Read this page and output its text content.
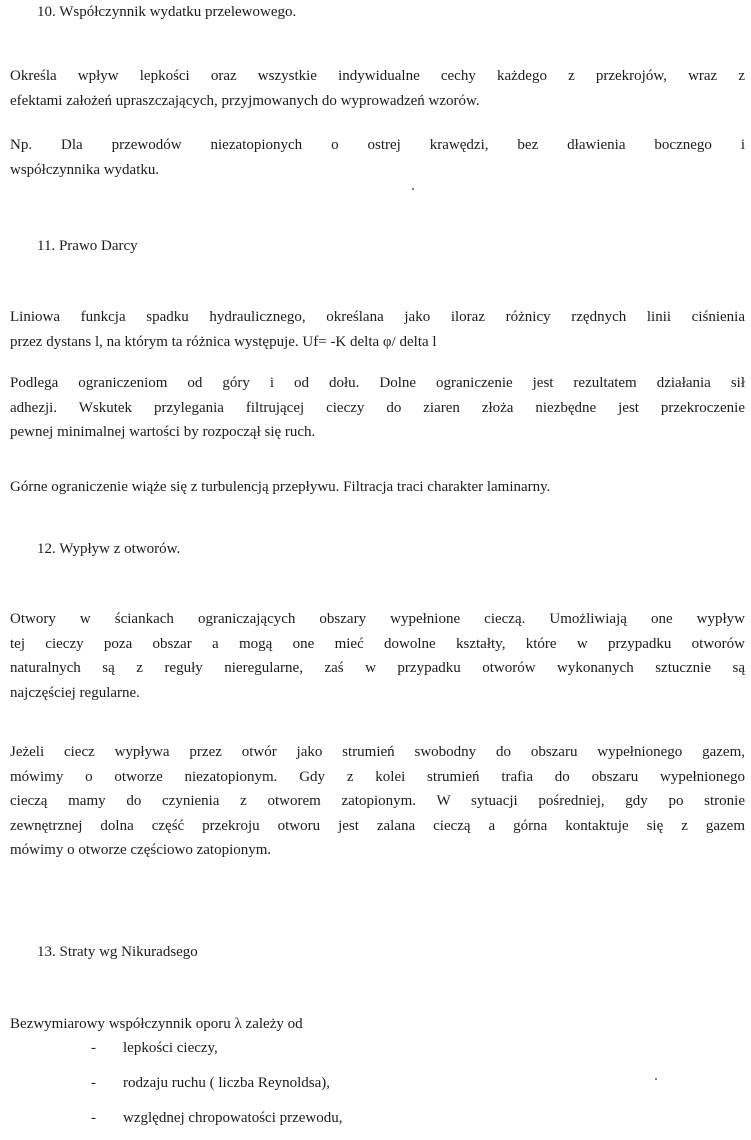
10. Współczynnik wydatku przelewowego.
Określa wpływ lepkości oraz wszystkie indywidualne cechy każdego z przekrojów, wraz z
efektami założeń upraszczających, przyjmowanych do wyprowadzeń wzorów.
Np. Dla przewodów niezatopionych o ostrej krawędzi, bez dławienia bocznego i
współczynnika wydatku.
11. Prawo Darcy
Liniowa funkcja spadku hydraulicznego, określana jako iloraz różnicy rzędnych linii ciśnienia
przez dystans l, na którym ta różnica występuje. Uf= -K delta φ/ delta l
Podlega ograniczeniom od góry i od dołu. Dolne ograniczenie jest rezultatem działania sił
adhezji. Wskutek przylegania filtrującej cieczy do ziaren złoża niezbędne jest przekroczenie
pewnej minimalnej wartości by rozpoczął się ruch.
Górne ograniczenie wiąże się z turbulencją przepływu. Filtracja traci charakter laminarny.
12. Wypływ z otworów.
Otwory w ściankach ograniczających obszary wypełnione cieczą. Umożliwiają one wypływ
tej cieczy poza obszar a mogą one mieć dowolne kształty, które w przypadku otworów
naturalnych są z reguły nieregularne, zaś w przypadku otworów wykonanych sztucznie są
najczęściej regularne.
Jeżeli ciecz wypływa przez otwór jako strumień swobodny do obszaru wypełnionego gazem,
mówimy o otworze niezatopionym. Gdy z kolei strumień trafia do obszaru wypełnionego
cieczą mamy do czynienia z otworem zatopionym. W sytuacji pośredniej, gdy po stronie
zewnętrznej dolna część przekroju otworu jest zalana cieczą a górna kontaktuje się z gazem
mówimy o otworze częściowo zatopionym.
13. Straty wg Nikuradsego
Bezwymiarowy współczynnik oporu λ zależy od
- lepkości cieczy,
- rodzaju ruchu ( liczba Reynoldsa),
- względnej chropowatości przewodu,
